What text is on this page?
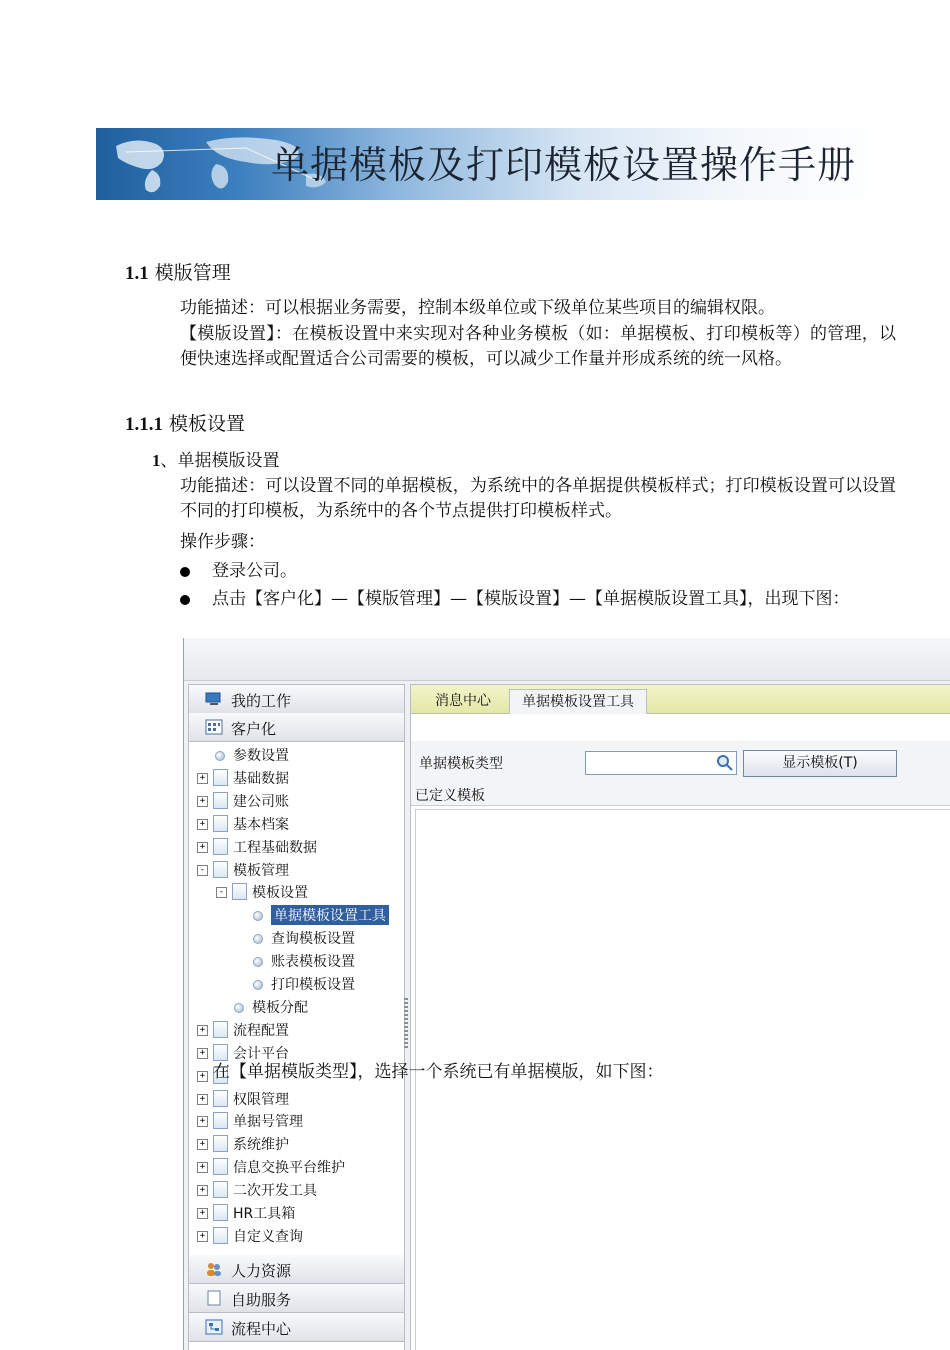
单据模板及打印模板设置操作手册
1.1 模版管理
功能描述：可以根据业务需要，控制本级单位或下级单位某些项目的编辑权限。
【模版设置】：在模板设置中来实现对各种业务模板（如：单据模板、打印模板等）的管理，以便快速选择或配置适合公司需要的模板，可以减少工作量并形成系统的统一风格。
1.1.1 模板设置
1、单据模版设置
功能描述：可以设置不同的单据模板，为系统中的各单据提供模板样式；打印模板设置可以设置不同的打印模板，为系统中的各个节点提供打印模板样式。
操作步骤：
登录公司。
点击【客户化】—【模版管理】—【模版设置】—【单据模版设置工具】，出现下图：
我的工作
客户化
参数设置
+ 基础数据
+ 建公司账
+ 基本档案
+ 工程基础数据
- 模板管理
- 模板设置
单据模板设置工具
查询模板设置
账表模板设置
打印模板设置
模板分配
+ 流程配置
+ 会计平台
+
+ 权限管理
+ 单据号管理
+ 系统维护
+ 信息交换平台维护
+ 二次开发工具
+ HR工具箱
+ 自定义查询
人力资源
自助服务
流程中心
消息中心	单据模板设置工具
单据模板类型	显示模板(T)
已定义模板
在【单据模版类型】，选择一个系统已有单据模版，如下图：
